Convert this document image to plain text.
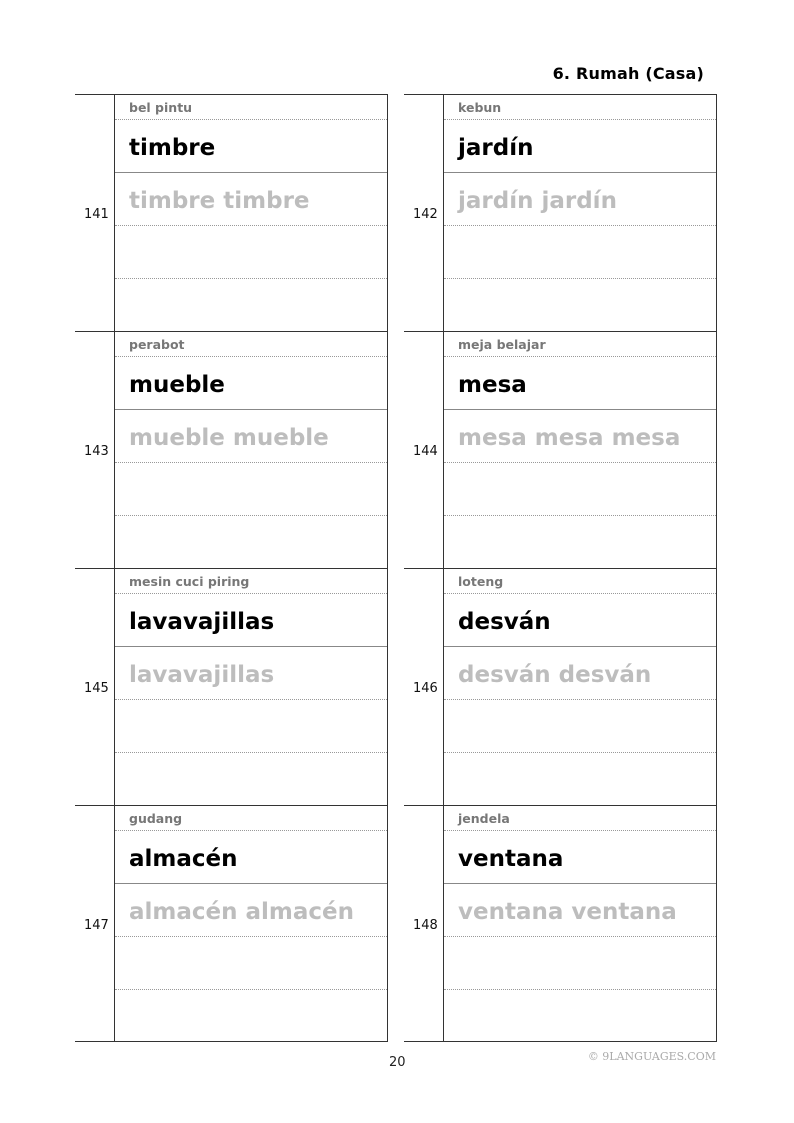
6. Rumah (Casa)
141
bel pintu
timbre
timbre timbre
143
perabot
mueble
mueble mueble
145
mesin cuci piring
lavavajillas
lavavajillas
147
gudang
almacén
almacén almacén
142
kebun
jardín
jardín jardín
144
meja belajar
mesa
mesa mesa mesa
146
loteng
desván
desván desván
148
jendela
ventana
ventana ventana
20	© 9LANGUAGES.COM
